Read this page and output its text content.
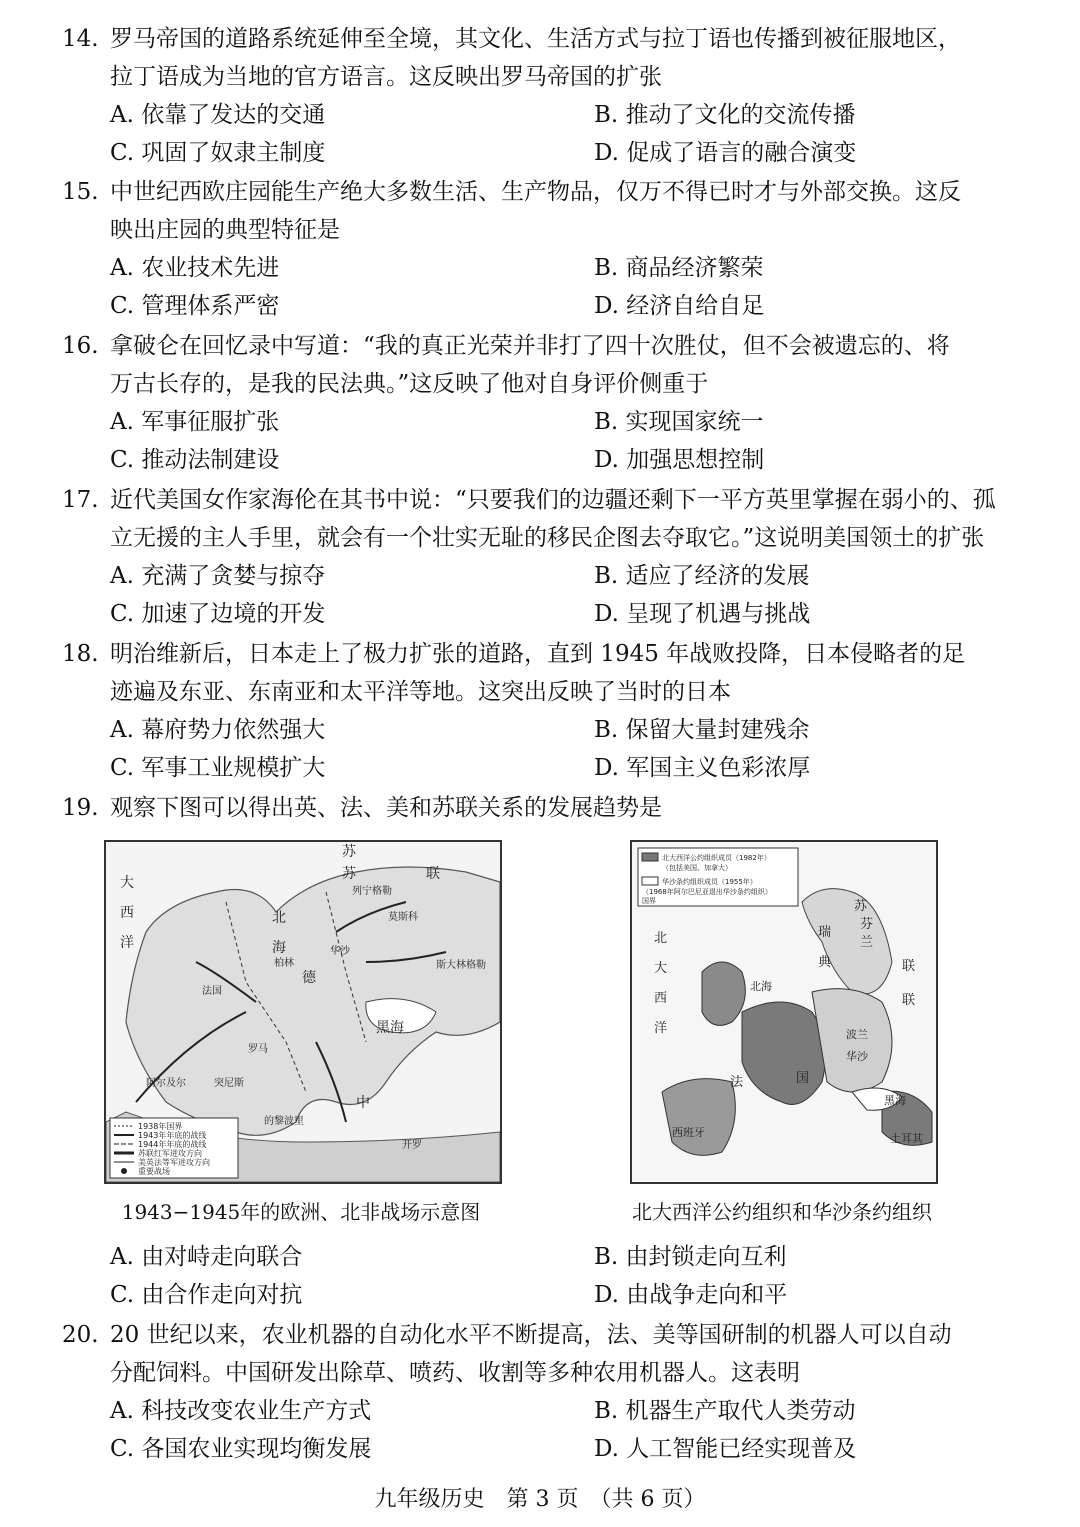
14. 罗马帝国的道路系统延伸至全境，其文化、生活方式与拉丁语也传播到被征服地区，
拉丁语成为当地的官方语言。这反映出罗马帝国的扩张
A. 依靠了发达的交通	B. 推动了文化的交流传播
C. 巩固了奴隶主制度	D. 促成了语言的融合演变
15. 中世纪西欧庄园能生产绝大多数生活、生产物品，仅万不得已时才与外部交换。这反
映出庄园的典型特征是
A. 农业技术先进	B. 商品经济繁荣
C. 管理体系严密	D. 经济自给自足
16. 拿破仑在回忆录中写道：“我的真正光荣并非打了四十次胜仗，但不会被遗忘的、将
万古长存的，是我的民法典。”这反映了他对自身评价侧重于
A. 军事征服扩张	B. 实现国家统一
C. 推动法制建设	D. 加强思想控制
17. 近代美国女作家海伦在其书中说：“只要我们的边疆还剩下一平方英里掌握在弱小的、孤
立无援的主人手里，就会有一个壮实无耻的移民企图去夺取它。”这说明美国领土的扩张
A. 充满了贪婪与掠夺	B. 适应了经济的发展
C. 加速了边境的开发	D. 呈现了机遇与挑战
18. 明治维新后，日本走上了极力扩张的道路，直到 1945 年战败投降，日本侵略者的足
迹遍及东亚、东南亚和太平洋等地。这突出反映了当时的日本
A. 幕府势力依然强大	B. 保留大量封建残余
C. 军事工业规模扩大	D. 军国主义色彩浓厚
19. 观察下图可以得出英、法、美和苏联关系的发展趋势是
大
西
洋
苏
苏	联
北
海
德
黑海
中
列宁格勒
莫斯科
斯大林格勒
华沙
柏林
法国
罗马
突尼斯
阿尔及尔
的黎波里
开罗
1938年国界
1943年年底的战线
1944年年底的战线
苏联红军进攻方向
美英法等军进攻方向
重要战场
1943−1945年的欧洲、北非战场示意图
北大西洋公约组织成员（1982年）
（包括美国、加拿大）
华沙条约组织成员（1955年）
（1968年阿尔巴尼亚退出华沙条约组织）
国界
北
大
西
洋
苏
联
芬
兰
联
瑞
典
法	国
北海
西班牙
波兰
华沙
黑海
土耳其
北大西洋公约组织和华沙条约组织
A. 由对峙走向联合	B. 由封锁走向互利
C. 由合作走向对抗	D. 由战争走向和平
20. 20 世纪以来，农业机器的自动化水平不断提高，法、美等国研制的机器人可以自动
分配饲料。中国研发出除草、喷药、收割等多种农用机器人。这表明
A. 科技改变农业生产方式	B. 机器生产取代人类劳动
C. 各国农业实现均衡发展	D. 人工智能已经实现普及
九年级历史　第 3 页　（共 6 页）
